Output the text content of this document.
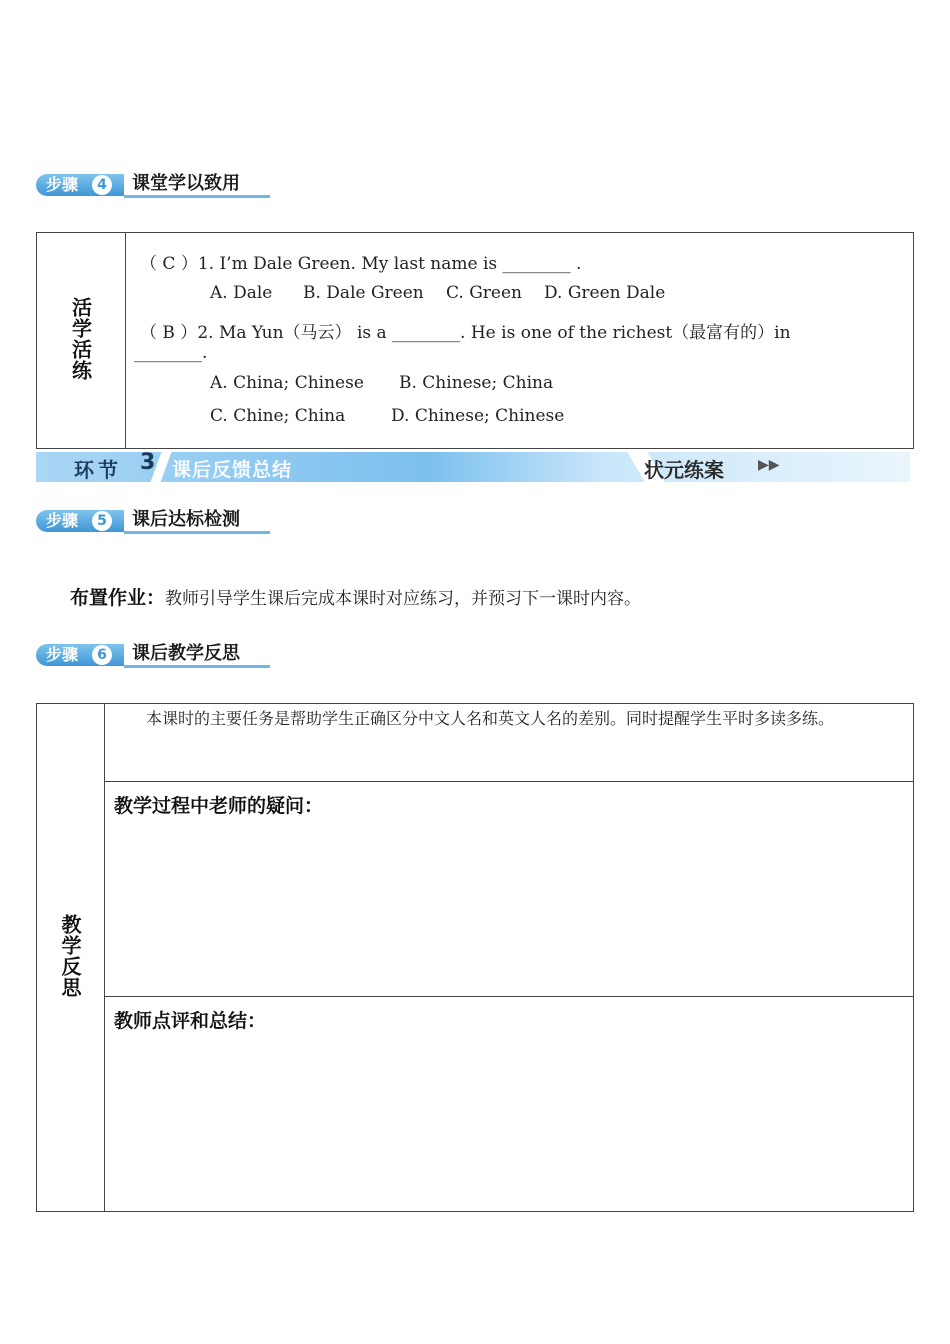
步骤	4	课堂学以致用
活学活练	
（ C ）1. I’m Dale Green. My last name is ________ .
A. Dale B. Dale Green C. Green D. Green Dale
（ B ）2. Ma Yun（马云） is a ________. He is one of the richest（最富有的）in
________.
A. China; Chinese B. Chinese; China
C. Chine; China	D. Chinese; Chinese
环节 3 课后反馈总结	状元练案 ▶▶
步骤	5	课后达标检测
布置作业：教师引导学生课后完成本课时对应练习，并预习下一课时内容。
步骤	6	课后教学反思
教学反思	
本课时的主要任务是帮助学生正确区分中文人名和英文人名的差别。同时提醒学生平时多读多练。

教学过程中老师的疑问：

教师点评和总结：
